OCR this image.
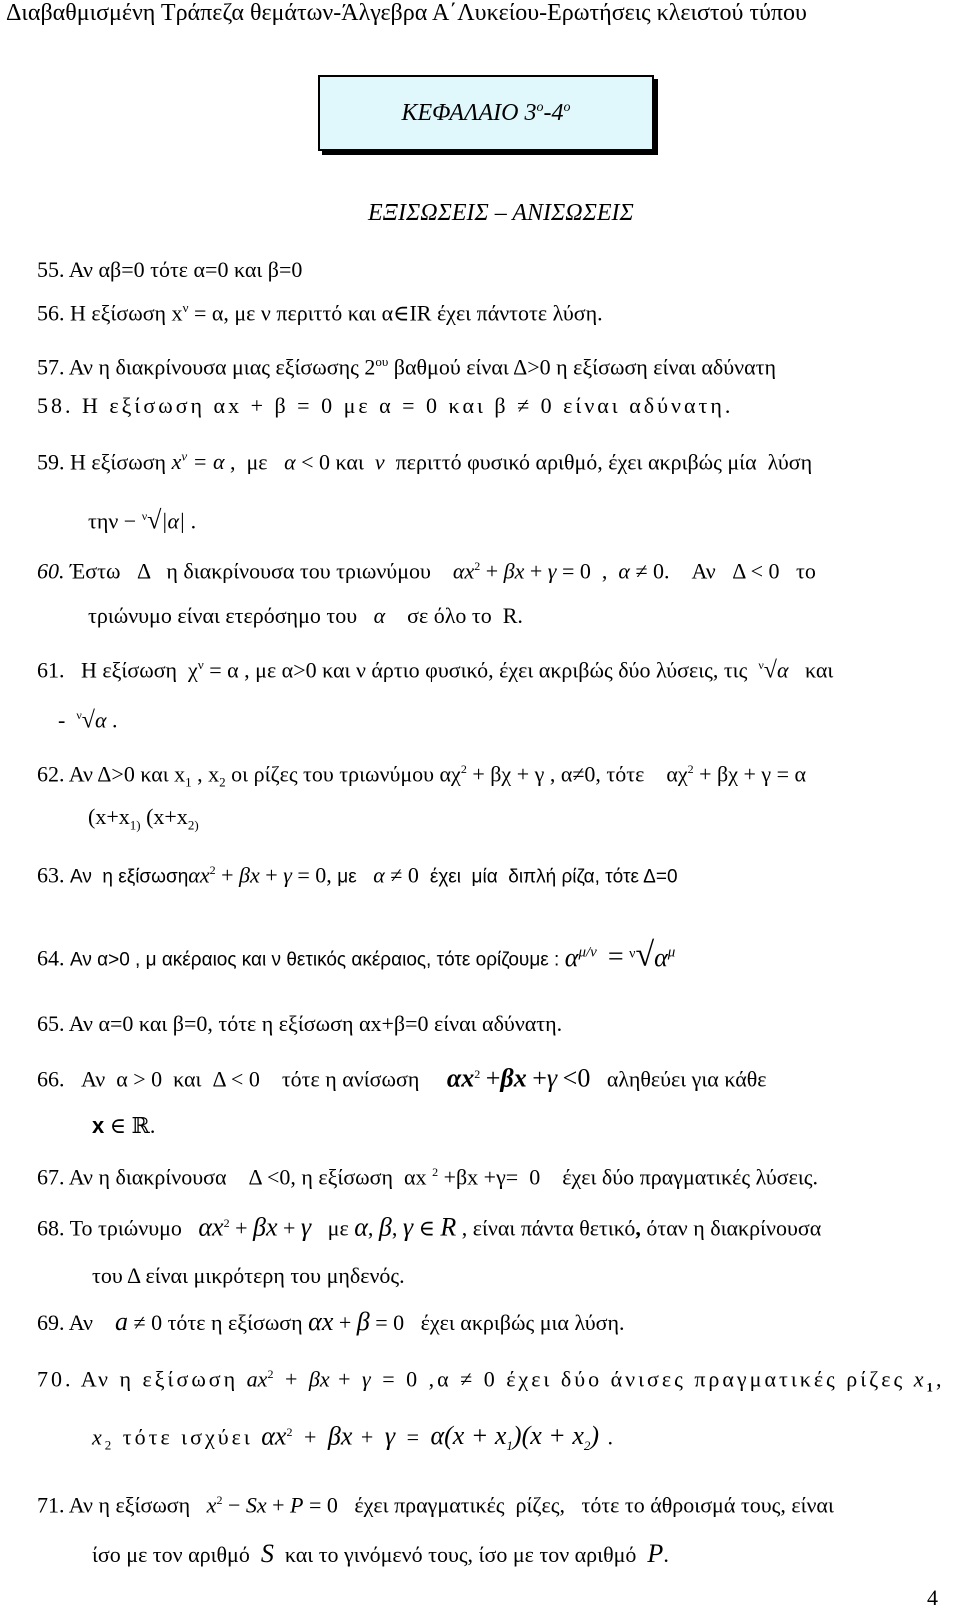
Διαβαθμισμένη Τράπεζα θεμάτων-Άλγεβρα Α΄Λυκείου-Ερωτήσεις κλειστού τύπου
ΚΕΦΑΛΑΙΟ $3^o-4^o$
ΕΞΙΣΩΣΕΙΣ – ΑΝΙΣΩΣΕΙΣ
55. Αν αβ=0 τότε α=0 και β=0
56. Η εξίσωση $x^\nu = \alpha$, με ν περιττό και α∈IR έχει πάντοτε λύση.
57. Αν η διακρίνουσα μιας εξίσωσης $2^{o\upsilon}$ βαθμού είναι Δ>0 η εξίσωση είναι αδύνατη
58. Η εξίσωση αx + β = 0 με α = 0 και β ≠ 0 είναι αδύνατη.
59. Η εξίσωση $x^\nu = \alpha$ ,  με   α < 0 και  ν  περιττό φυσικό αριθμό, έχει ακριβώς μία  λύση
την − $^\nu$√|α| .
60. Έστω   Δ   η διακρίνουσα του τριωνύμου    $\alpha x^2 + \beta x + \gamma = 0$  ,  α ≠ 0.    Αν   Δ < 0   το
τριώνυμο είναι ετερόσημο του   α    σε όλο το  R.
61.   Η εξίσωση  $\chi^\nu = \alpha$ , με α>0 και ν άρτιο φυσικό, έχει ακριβώς δύο λύσεις, τις  $^\nu$√α   και
-  $^\nu$√α .
62. Αν Δ>0 και $x_1$ , $x_2$ οι ρίζες του τριωνύμου $\alpha\chi^2 + \beta\chi + \gamma$ , α≠0, τότε    $\alpha\chi^2 + \beta\chi + \gamma = \alpha$
($x+x_{1)}$ ($x+x_{2)}$
63. Αν  η εξίσωσηαx$^2$ + βx + γ = 0, με α ≠ 0  έχει  μία  διπλή ρίζα, τότε Δ=0
64. Αν α>0 , μ ακέραιος και ν θετικός ακέραιος, τότε ορίζουμε : $\alpha^{\mu/\nu} = ^\nu√\alpha^\mu$
65. Αν α=0 και β=0, τότε η εξίσωση αx+β=0 είναι αδύνατη.
66.   Αν  α > 0  και  Δ < 0    τότε η ανίσωση     $\alpha x^2 +\beta x +\gamma <0$   αληθεύει για κάθε
x ∈ ℝ.
67. Αν η διακρίνουσα    Δ <0, η εξίσωση  αx $^2$ +βx +γ=  0    έχει δύο πραγματικές λύσεις.
68. Το τριώνυμο   $\alpha x^2 + \beta x + \gamma$   με α, β, γ ∈ R , είναι πάντα θετικό, όταν η διακρίνουσα
του Δ είναι μικρότερη του μηδενός.
69. Αν    a ≠ 0 τότε η εξίσωση αx + β = 0   έχει ακριβώς μια λύση.
70. Αν η εξίσωση $ax^2 + \beta x + \gamma = 0$ ,α ≠ 0 έχει δύο άνισες πραγματικές ρίζες $x_1$,
$x_2$ τότε ισχύει $\alpha x^2 + \beta x + \gamma = \alpha(x + x_1)(x + x_2)$ .
71. Αν η εξίσωση   $x^2 - Sx + P = 0$   έχει πραγματικές  ρίζες,   τότε το άθροισμά τους, είναι
ίσο με τον αριθμό  S  και το γινόμενό τους, ίσο με τον αριθμό  P.
4
